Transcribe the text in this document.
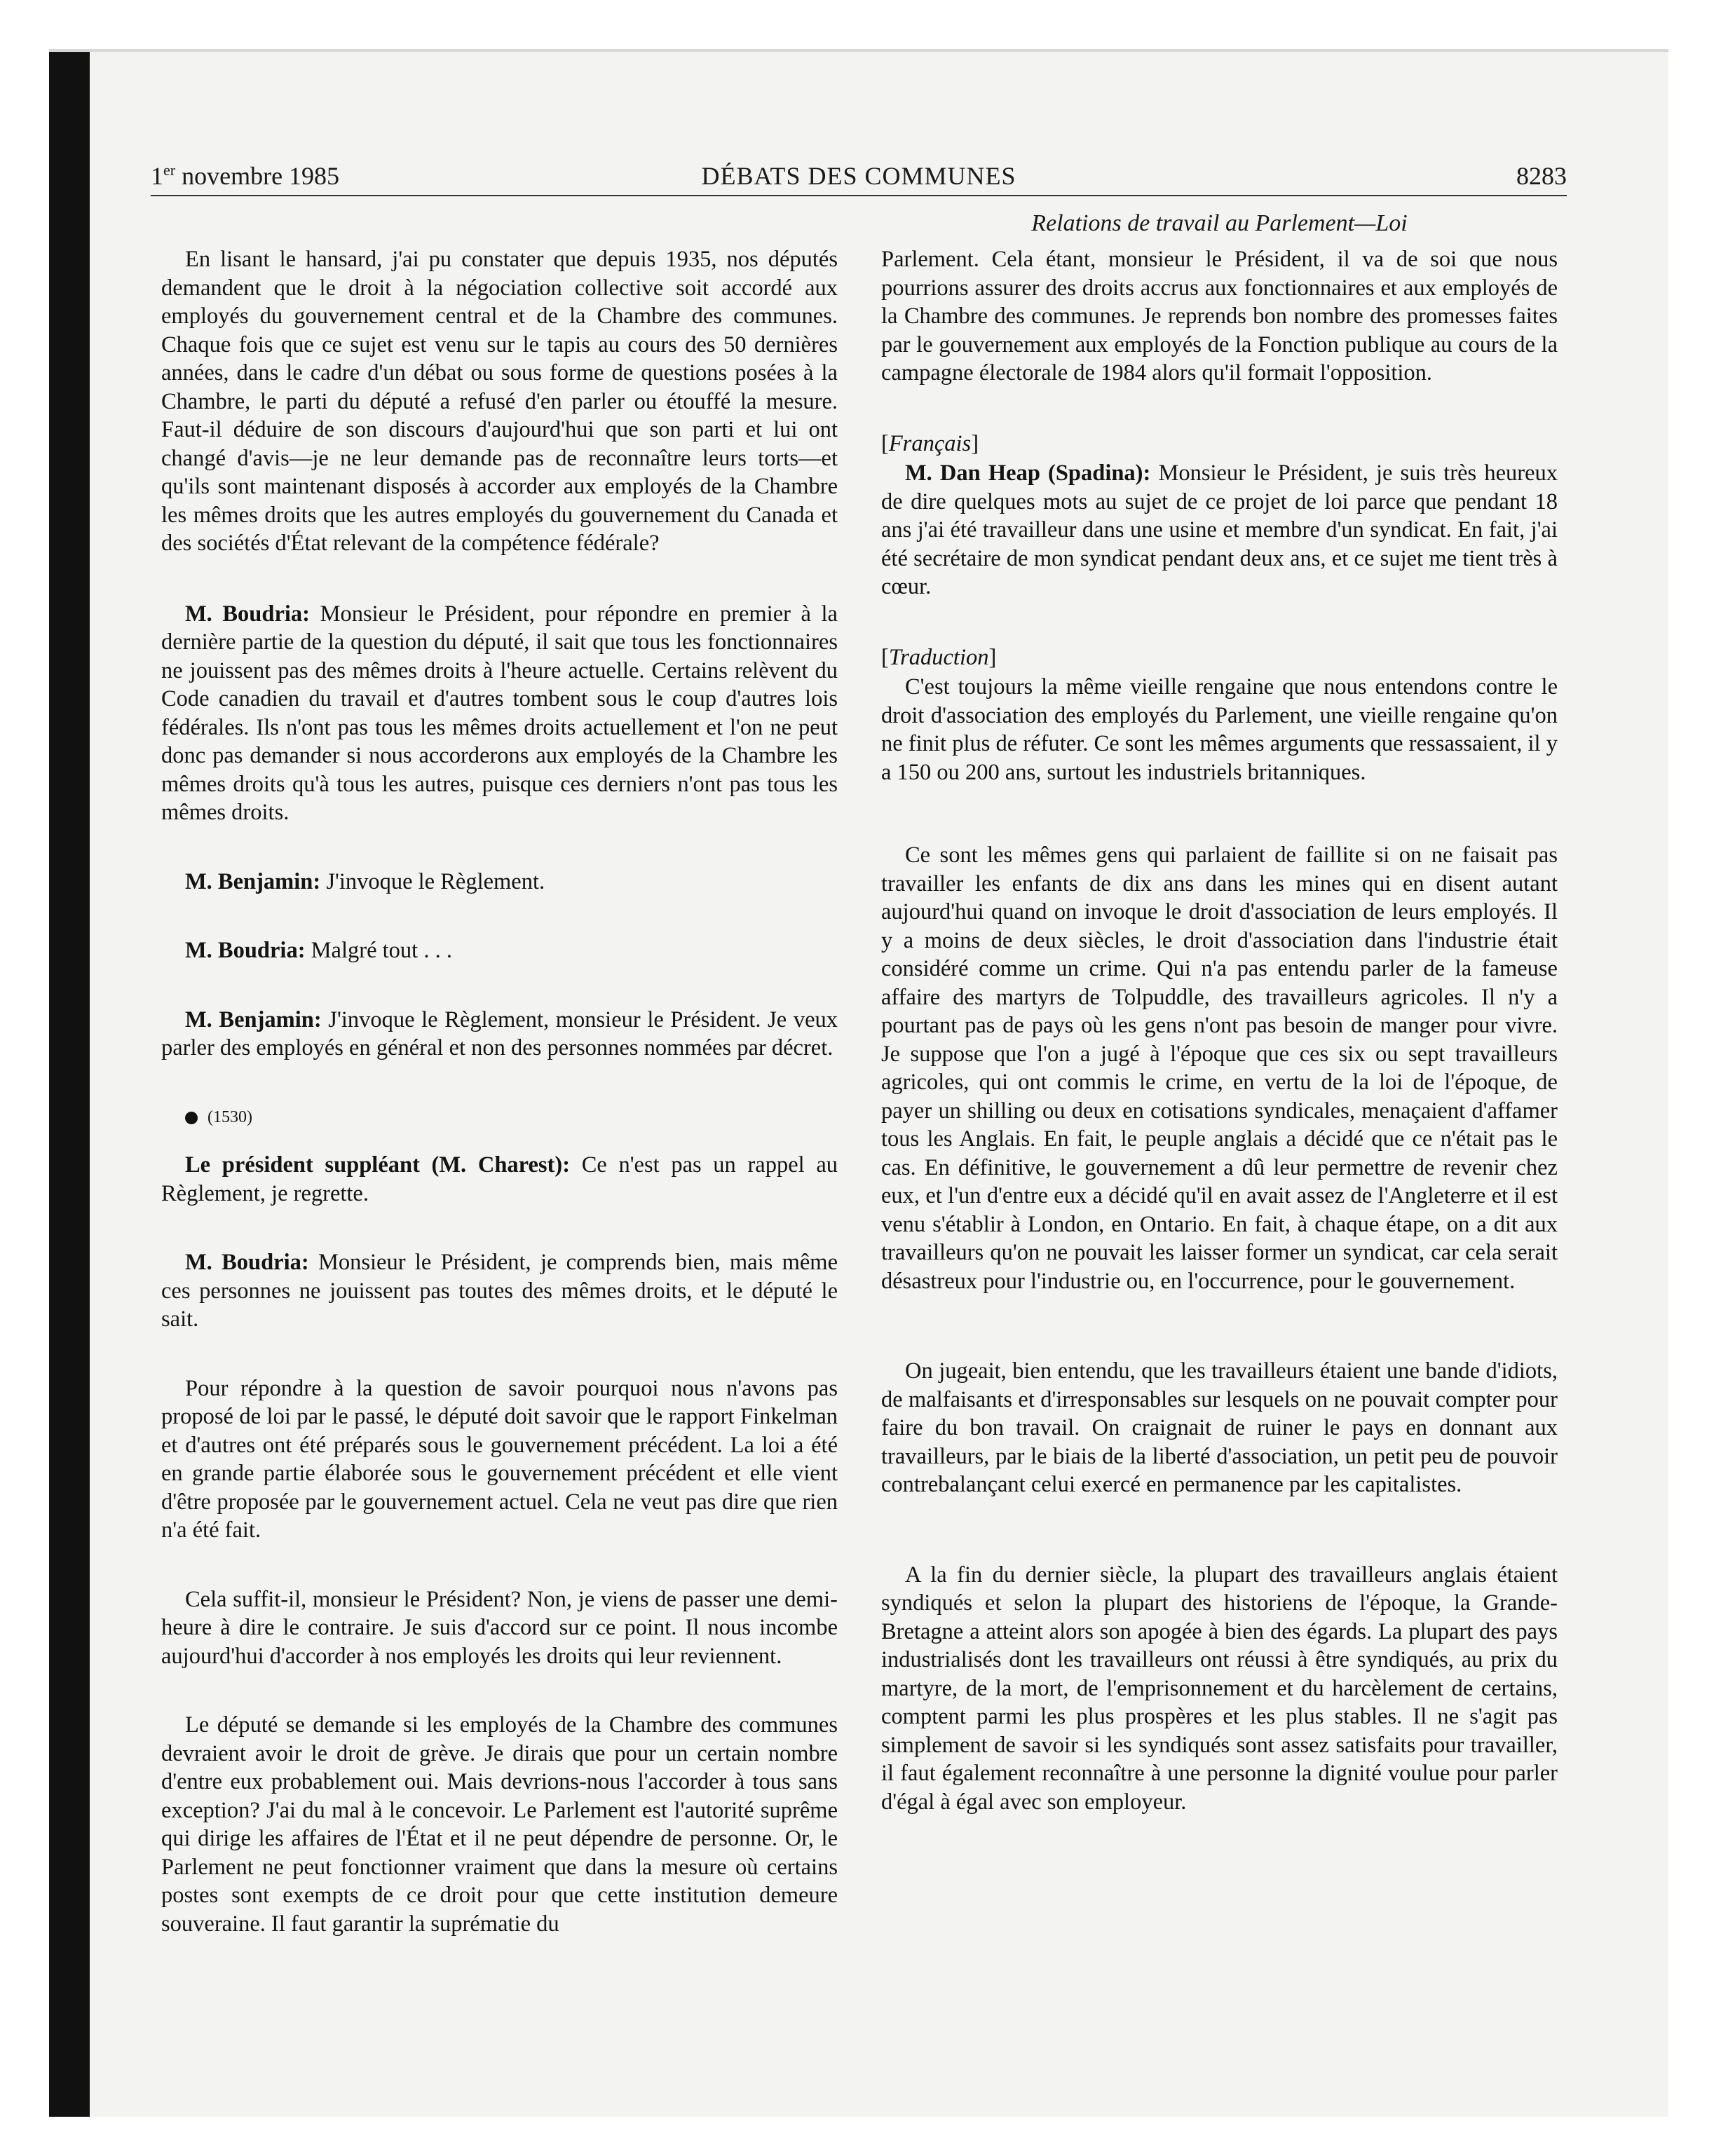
1er novembre 1985	DÉBATS DES COMMUNES	8283
Relations de travail au Parlement—Loi

En lisant le hansard, j'ai pu constater que depuis 1935, nos députés demandent que le droit à la négociation collective soit accordé aux employés du gouvernement central et de la Chambre des communes. Chaque fois que ce sujet est venu sur le tapis au cours des 50 dernières années, dans le cadre d'un débat ou sous forme de questions posées à la Chambre, le parti du député a refusé d'en parler ou étouffé la mesure. Faut-il déduire de son discours d'aujourd'hui que son parti et lui ont changé d'avis—je ne leur demande pas de reconnaître leurs torts—et qu'ils sont maintenant disposés à accorder aux employés de la Chambre les mêmes droits que les autres employés du gouvernement du Canada et des sociétés d'État relevant de la compétence fédérale?

M. Boudria: Monsieur le Président, pour répondre en premier à la dernière partie de la question du député, il sait que tous les fonctionnaires ne jouissent pas des mêmes droits à l'heure actuelle. Certains relèvent du Code canadien du travail et d'autres tombent sous le coup d'autres lois fédérales. Ils n'ont pas tous les mêmes droits actuellement et l'on ne peut donc pas demander si nous accorderons aux employés de la Chambre les mêmes droits qu'à tous les autres, puisque ces derniers n'ont pas tous les mêmes droits.

M. Benjamin: J'invoque le Règlement.

M. Boudria: Malgré tout . . .

M. Benjamin: J'invoque le Règlement, monsieur le Président. Je veux parler des employés en général et non des personnes nommées par décret.

(1530)

Le président suppléant (M. Charest): Ce n'est pas un rappel au Règlement, je regrette.

M. Boudria: Monsieur le Président, je comprends bien, mais même ces personnes ne jouissent pas toutes des mêmes droits, et le député le sait.

Pour répondre à la question de savoir pourquoi nous n'avons pas proposé de loi par le passé, le député doit savoir que le rapport Finkelman et d'autres ont été préparés sous le gouvernement précédent. La loi a été en grande partie élaborée sous le gouvernement précédent et elle vient d'être proposée par le gouvernement actuel. Cela ne veut pas dire que rien n'a été fait.

Cela suffit-il, monsieur le Président? Non, je viens de passer une demi-heure à dire le contraire. Je suis d'accord sur ce point. Il nous incombe aujourd'hui d'accorder à nos employés les droits qui leur reviennent.

Le député se demande si les employés de la Chambre des communes devraient avoir le droit de grève. Je dirais que pour un certain nombre d'entre eux probablement oui. Mais devrions-nous l'accorder à tous sans exception? J'ai du mal à le concevoir. Le Parlement est l'autorité suprême qui dirige les affaires de l'État et il ne peut dépendre de personne. Or, le Parlement ne peut fonctionner vraiment que dans la mesure où certains postes sont exempts de ce droit pour que cette institution demeure souveraine. Il faut garantir la suprématie du

Parlement. Cela étant, monsieur le Président, il va de soi que nous pourrions assurer des droits accrus aux fonctionnaires et aux employés de la Chambre des communes. Je reprends bon nombre des promesses faites par le gouvernement aux employés de la Fonction publique au cours de la campagne électorale de 1984 alors qu'il formait l'opposition.

[Français]

M. Dan Heap (Spadina): Monsieur le Président, je suis très heureux de dire quelques mots au sujet de ce projet de loi parce que pendant 18 ans j'ai été travailleur dans une usine et membre d'un syndicat. En fait, j'ai été secrétaire de mon syndicat pendant deux ans, et ce sujet me tient très à cœur.

[Traduction]

C'est toujours la même vieille rengaine que nous entendons contre le droit d'association des employés du Parlement, une vieille rengaine qu'on ne finit plus de réfuter. Ce sont les mêmes arguments que ressassaient, il y a 150 ou 200 ans, surtout les industriels britanniques.

Ce sont les mêmes gens qui parlaient de faillite si on ne faisait pas travailler les enfants de dix ans dans les mines qui en disent autant aujourd'hui quand on invoque le droit d'association de leurs employés. Il y a moins de deux siècles, le droit d'association dans l'industrie était considéré comme un crime. Qui n'a pas entendu parler de la fameuse affaire des martyrs de Tolpuddle, des travailleurs agricoles. Il n'y a pourtant pas de pays où les gens n'ont pas besoin de manger pour vivre. Je suppose que l'on a jugé à l'époque que ces six ou sept travailleurs agricoles, qui ont commis le crime, en vertu de la loi de l'époque, de payer un shilling ou deux en cotisations syndicales, menaçaient d'affamer tous les Anglais. En fait, le peuple anglais a décidé que ce n'était pas le cas. En définitive, le gouvernement a dû leur permettre de revenir chez eux, et l'un d'entre eux a décidé qu'il en avait assez de l'Angleterre et il est venu s'établir à London, en Ontario. En fait, à chaque étape, on a dit aux travailleurs qu'on ne pouvait les laisser former un syndicat, car cela serait désastreux pour l'industrie ou, en l'occurrence, pour le gouvernement.

On jugeait, bien entendu, que les travailleurs étaient une bande d'idiots, de malfaisants et d'irresponsables sur lesquels on ne pouvait compter pour faire du bon travail. On craignait de ruiner le pays en donnant aux travailleurs, par le biais de la liberté d'association, un petit peu de pouvoir contrebalançant celui exercé en permanence par les capitalistes.

A la fin du dernier siècle, la plupart des travailleurs anglais étaient syndiqués et selon la plupart des historiens de l'époque, la Grande-Bretagne a atteint alors son apogée à bien des égards. La plupart des pays industrialisés dont les travailleurs ont réussi à être syndiqués, au prix du martyre, de la mort, de l'emprisonnement et du harcèlement de certains, comptent parmi les plus prospères et les plus stables. Il ne s'agit pas simplement de savoir si les syndiqués sont assez satisfaits pour travailler, il faut également reconnaître à une personne la dignité voulue pour parler d'égal à égal avec son employeur.
